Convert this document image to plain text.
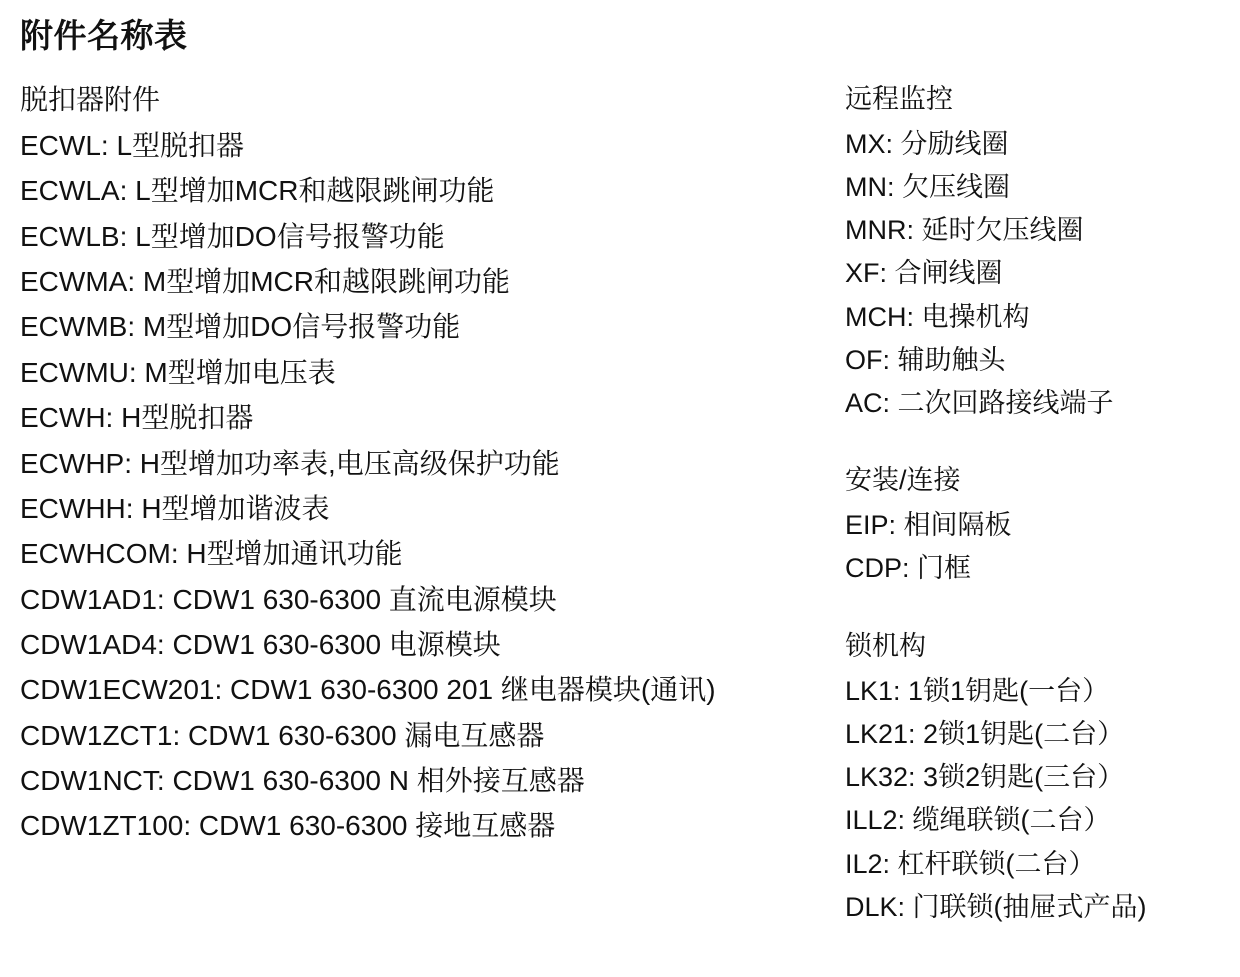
附件名称表
脱扣器附件
ECWL: L型脱扣器
ECWLA: L型增加MCR和越限跳闸功能
ECWLB: L型增加DO信号报警功能
ECWMA: M型增加MCR和越限跳闸功能
ECWMB: M型增加DO信号报警功能
ECWMU: M型增加电压表
ECWH: H型脱扣器
ECWHP: H型增加功率表,电压高级保护功能
ECWHH: H型增加谐波表
ECWHCOM: H型增加通讯功能
CDW1AD1: CDW1 630-6300 直流电源模块
CDW1AD4: CDW1 630-6300 电源模块
CDW1ECW201: CDW1 630-6300 201 继电器模块(通讯)
CDW1ZCT1: CDW1 630-6300 漏电互感器
CDW1NCT: CDW1 630-6300 N 相外接互感器
CDW1ZT100: CDW1 630-6300 接地互感器
远程监控
MX: 分励线圈
MN: 欠压线圈
MNR: 延时欠压线圈
XF: 合闸线圈
MCH: 电操机构
OF: 辅助触头
AC: 二次回路接线端子
安装/连接
EIP: 相间隔板
CDP: 门框
锁机构
LK1: 1锁1钥匙(一台）
LK21: 2锁1钥匙(二台）
LK32: 3锁2钥匙(三台）
ILL2: 缆绳联锁(二台）
IL2: 杠杆联锁(二台）
DLK: 门联锁(抽屉式产品)
